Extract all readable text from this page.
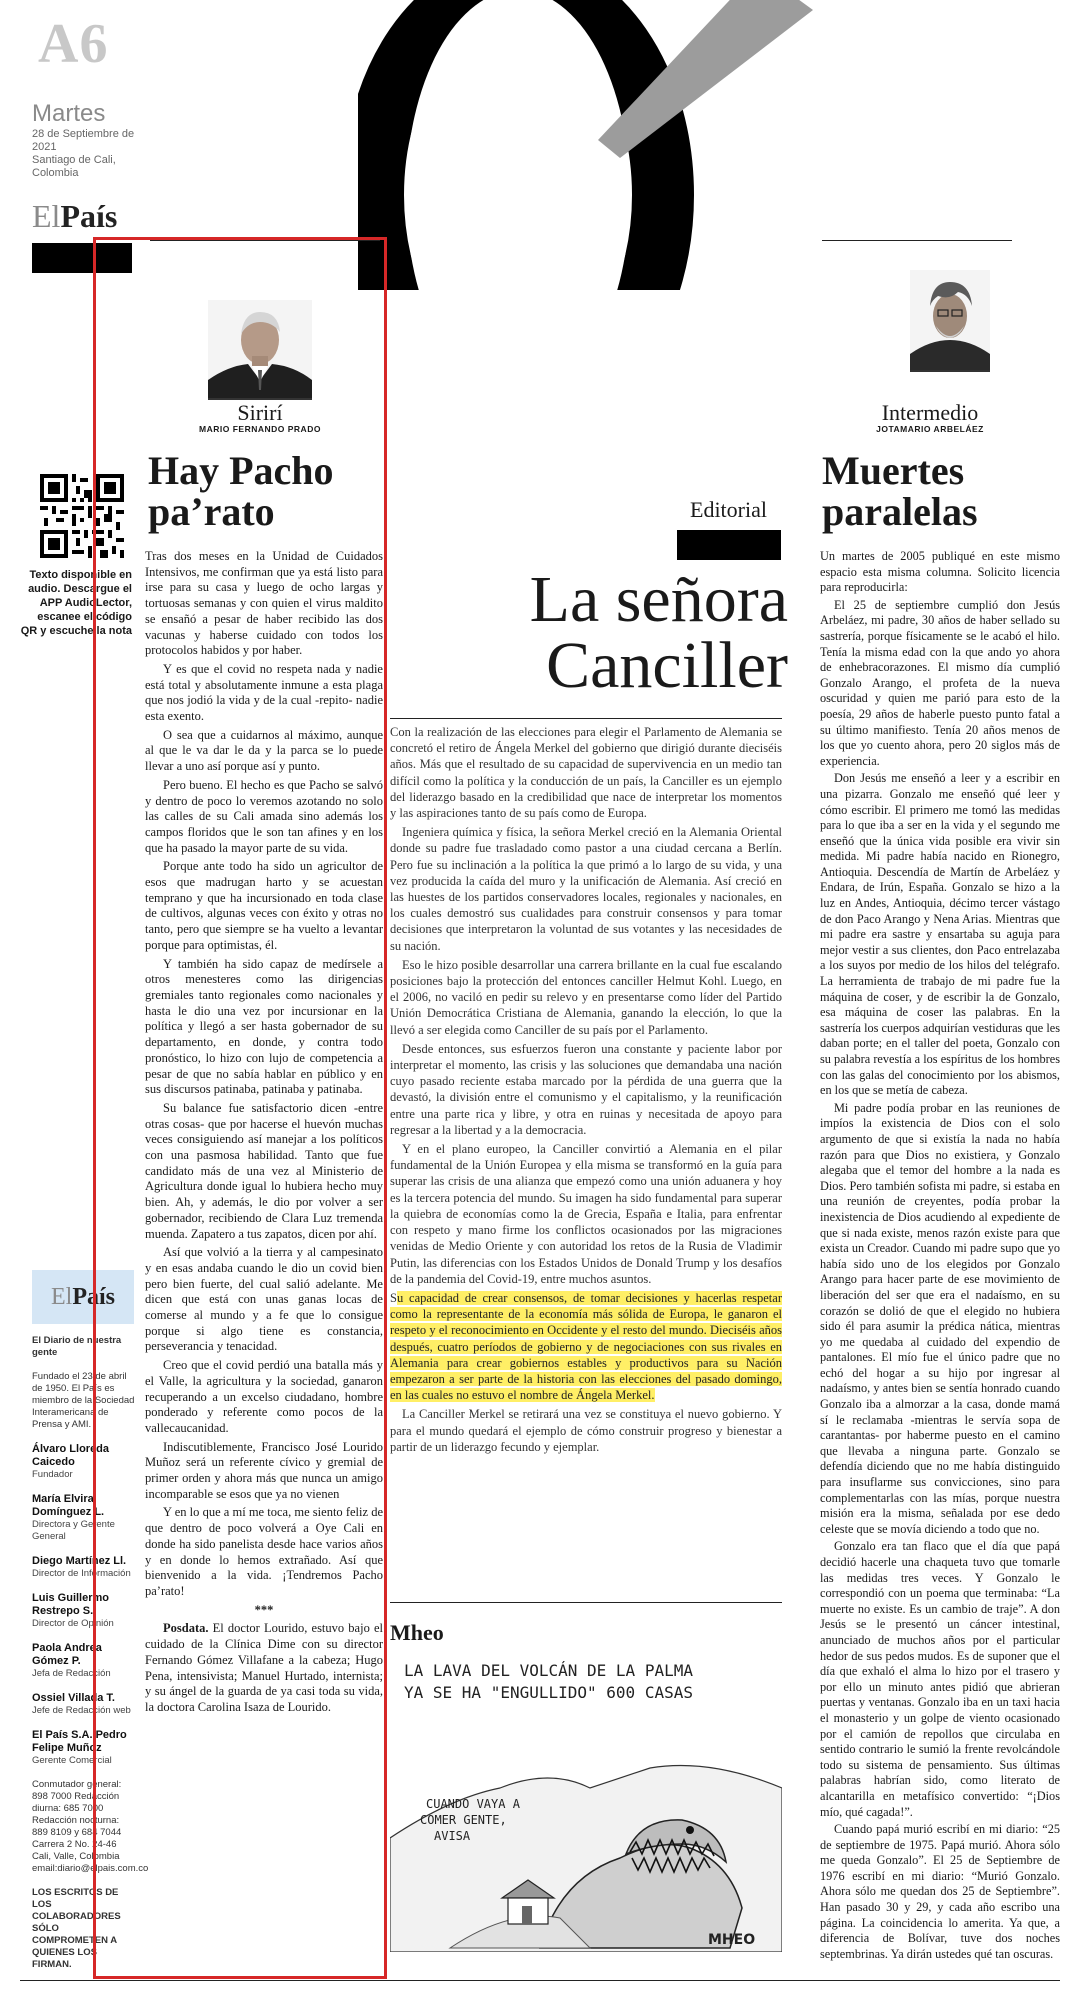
A6
Martes
28 de Septiembre de 2021
Santiago de Cali,
Colombia
ElPaís
Texto disponible en audio. Descargue el APP AudioLector, escanee el código QR y escuche la nota
El País
El Diario de nuestra gente
Fundado el 23 de abril de 1950. El País es miembro de la Sociedad Interamericana de Prensa y AMI.
Álvaro Lloreda Caicedo
Fundador
María Elvira Domínguez L.
Directora y Gerente General
Diego Martínez Ll.
Director de Información
Luis Guillermo Restrepo S.
Director de Opinión
Paola Andrea Gómez P.
Jefa de Redacción
Ossiel Villada T.
Jefe de Redacción web
El País S.A. Pedro Felipe Muñoz
Gerente Comercial
Conmutador general: 898 7000 Redacción diurna: 685 7000 Redacción nocturna: 889 8109 y 684 7044 Carrera 2 No. 24-46 Cali, Valle, Colombia email:diario@elpais.com.co
LOS ESCRITOS DE LOS COLABORADORES SÓLO COMPROMETEN A QUIENES LOS FIRMAN.
Sirirí
MARIO FERNANDO PRADO
Hay Pacho pa’rato

Tras dos meses en la Unidad de Cuidados Intensivos, me confirman que ya está listo para irse para su casa y luego de ocho largas y tortuosas semanas y con quien el virus maldito se ensañó a pesar de haber recibido las dos vacunas y haberse cuidado con todos los protocolos habidos y por haber.

Y es que el covid no respeta nada y nadie está total y absolutamente inmune a esta plaga que nos jodió la vida y de la cual -repito- nadie esta exento.

O sea que a cuidarnos al máximo, aunque al que le va dar le da y la parca se lo puede llevar a uno así porque así y punto.

Pero bueno. El hecho es que Pacho se salvó y dentro de poco lo veremos azotando no solo las calles de su Cali amada sino además los campos floridos que le son tan afines y en los que ha pasado la mayor parte de su vida.

Porque ante todo ha sido un agricultor de esos que madrugan harto y se acuestan temprano y que ha incursionado en toda clase de cultivos, algunas veces con éxito y otras no tanto, pero que siempre se ha vuelto a levantar porque para optimistas, él.

Y también ha sido capaz de medírsele a otros menesteres como las dirigencias gremiales tanto regionales como nacionales y hasta le dio una vez por incursionar en la política y llegó a ser hasta gobernador de su departamento, en donde, y contra todo pronóstico, lo hizo con lujo de competencia a pesar de que no sabía hablar en público y en sus discursos patinaba, patinaba y patinaba.

Su balance fue satisfactorio dicen -entre otras cosas- que por hacerse el huevón muchas veces consiguiendo así manejar a los políticos con una pasmosa habilidad. Tanto que fue candidato más de una vez al Ministerio de Agricultura donde igual lo hubiera hecho muy bien. Ah, y además, le dio por volver a ser gobernador, recibiendo de Clara Luz tremenda muenda. Zapatero a tus zapatos, dicen por ahí.

Así que volvió a la tierra y al campesinato y en esas andaba cuando le dio un covid bien pero bien fuerte, del cual salió adelante. Me dicen que está con unas ganas locas de comerse al mundo y a fe que lo consigue porque si algo tiene es constancia, perseverancia y tenacidad.

Creo que el covid perdió una batalla más y el Valle, la agricultura y la sociedad, ganaron recuperando a un excelso ciudadano, hombre ponderado y referente como pocos de la vallecaucanidad.

Indiscutiblemente, Francisco José Lourido Muñoz será un referente cívico y gremial de primer orden y ahora más que nunca un amigo incomparable se esos que ya no vienen

Y en lo que a mí me toca, me siento feliz de que dentro de poco volverá a Oye Cali en donde ha sido panelista desde hace varios años y en donde lo hemos extrañado. Así que bienvenido a la vida. ¡Tendremos Pacho pa’rato!

***

Posdata. El doctor Lourido, estuvo bajo el cuidado de la Clínica Dime con su director Fernando Gómez Villafane a la cabeza; Hugo Pena, intensivista; Manuel Hurtado, internista; y su ángel de la guarda de ya casi toda su vida, la doctora Carolina Isaza de Lourido.

Editorial
La señora Canciller

Con la realización de las elecciones para elegir el Parlamento de Alemania se concretó el retiro de Ángela Merkel del gobierno que dirigió durante dieciséis años. Más que el resultado de su capacidad de supervivencia en un medio tan difícil como la política y la conducción de un país, la Canciller es un ejemplo del liderazgo basado en la credibilidad que nace de interpretar los momentos y las aspiraciones tanto de su país como de Europa.

Ingeniera química y física, la señora Merkel creció en la Alemania Oriental donde su padre fue trasladado como pastor a una ciudad cercana a Berlín. Pero fue su inclinación a la política la que primó a lo largo de su vida, y una vez producida la caída del muro y la unificación de Alemania. Así creció en las huestes de los partidos conservadores locales, regionales y nacionales, en los cuales demostró sus cualidades para construir consensos y para tomar decisiones que interpretaron la voluntad de sus votantes y las necesidades de su nación.

Eso le hizo posible desarrollar una carrera brillante en la cual fue escalando posiciones bajo la protección del entonces canciller Helmut Kohl. Luego, en el 2006, no vaciló en pedir su relevo y en presentarse como líder del Partido Unión Democrática Cristiana de Alemania, ganando la elección, lo que la llevó a ser elegida como Canciller de su país por el Parlamento.

Desde entonces, sus esfuerzos fueron una constante y paciente labor por interpretar el momento, las crisis y las soluciones que demandaba una nación cuyo pasado reciente estaba marcado por la pérdida de una guerra que la devastó, la división entre el comunismo y el capitalismo, y la reunificación entre una parte rica y libre, y otra en ruinas y necesitada de apoyo para regresar a la libertad y a la democracia.

Y en el plano europeo, la Canciller convirtió a Alemania en el pilar fundamental de la Unión Europea y ella misma se transformó en la guía para superar las crisis de una alianza que empezó como una unión aduanera y hoy es la tercera potencia del mundo. Su imagen ha sido fundamental para superar la quiebra de economías como la de Grecia, España e Italia, para enfrentar con respeto y mano firme los conflictos ocasionados por las migraciones venidas de Medio Oriente y con autoridad los retos de la Rusia de Vladimir Putin, las diferencias con los Estados Unidos de Donald Trump y los desafíos de la pandemia del Covid-19, entre muchos asuntos.

Su capacidad de crear consensos, de tomar decisiones y hacerlas respetar como la representante de la economía más sólida de Europa, le ganaron el respeto y el reconocimiento en Occidente y el resto del mundo. Dieciséis años después, cuatro períodos de gobierno y de negociaciones con sus rivales en Alemania para crear gobiernos estables y productivos para su Nación empezaron a ser parte de la historia con las elecciones del pasado domingo, en las cuales no estuvo el nombre de Ángela Merkel.

La Canciller Merkel se retirará una vez se constituya el nuevo gobierno. Y para el mundo quedará el ejemplo de cómo construir progreso y bienestar a partir de un liderazgo fecundo y ejemplar.

Mheo
LA LAVA DEL VOLCÁN DE LA PALMA
YA SE HA "ENGULLIDO" 600 CASAS
CUANDO VAYA A
COMER GENTE,
AVISA
MHEO
Intermedio
JOTAMARIO ARBELÁEZ
Muertes paralelas

Un martes de 2005 publiqué en este mismo espacio esta misma columna. Solicito licencia para reproducirla:

El 25 de septiembre cumplió don Jesús Arbeláez, mi padre, 30 años de haber sellado su sastrería, porque físicamente se le acabó el hilo. Tenía la misma edad con la que ando yo ahora de enhebracorazones. El mismo día cumplió Gonzalo Arango, el profeta de la nueva oscuridad y quien me parió para esto de la poesía, 29 años de haberle puesto punto fatal a su último manifiesto. Tenía 20 años menos de los que yo cuento ahora, pero 20 siglos más de experiencia.

Don Jesús me enseñó a leer y a escribir en una pizarra. Gonzalo me enseñó qué leer y cómo escribir. El primero me tomó las medidas para lo que iba a ser en la vida y el segundo me enseñó que la única vida posible era vivir sin medida. Mi padre había nacido en Rionegro, Antioquia. Descendía de Martín de Arbeláez y Endara, de Irún, España. Gonzalo se hizo a la luz en Andes, Antioquia, décimo tercer vástago de don Paco Arango y Nena Arias. Mientras que mi padre era sastre y ensartaba su aguja para mejor vestir a sus clientes, don Paco entrelazaba a los suyos por medio de los hilos del telégrafo. La herramienta de trabajo de mi padre fue la máquina de coser, y de escribir la de Gonzalo, esa máquina de coser las palabras. En la sastrería los cuerpos adquirían vestiduras que les daban porte; en el taller del poeta, Gonzalo con su palabra revestía a los espíritus de los hombres con las galas del conocimiento por los abismos, en los que se metía de cabeza.

Mi padre podía probar en las reuniones de impíos la existencia de Dios con el solo argumento de que si existía la nada no había razón para que Dios no existiera, y Gonzalo alegaba que el temor del hombre a la nada es Dios. Pero también sofista mi padre, si estaba en una reunión de creyentes, podía probar la inexistencia de Dios acudiendo al expediente de que si nada existe, menos razón existe para que exista un Creador. Cuando mi padre supo que yo había sido uno de los elegidos por Gonzalo Arango para hacer parte de ese movimiento de liberación del ser que era el nadaísmo, en su corazón se dolió de que el elegido no hubiera sido él para asumir la prédica nática, mientras yo me quedaba al cuidado del expendio de pantalones. El mío fue el único padre que no echó del hogar a su hijo por ingresar al nadaísmo, y antes bien se sentía honrado cuando Gonzalo iba a almorzar a la casa, donde mamá sí le reclamaba -mientras le servía sopa de carantantas- por haberme puesto en el camino que llevaba a ninguna parte. Gonzalo se defendía diciendo que no me había distinguido para insuflarme sus convicciones, sino para complementarlas con las mías, porque nuestra misión era la misma, señalada por ese dedo celeste que se movía diciendo a todo que no.

Gonzalo era tan flaco que el día que papá decidió hacerle una chaqueta tuvo que tomarle las medidas tres veces. Y Gonzalo le correspondió con un poema que terminaba: “La muerte no existe. Es un cambio de traje”. A don Jesús se le presentó un cáncer intestinal, anunciado de muchos años por el particular hedor de sus pedos mudos. Es de suponer que el día que exhaló el alma lo hizo por el trasero y por ello un minuto antes pidió que abrieran puertas y ventanas. Gonzalo iba en un taxi hacia el monasterio y un golpe de viento ocasionado por el camión de repollos que circulaba en sentido contrario le sumió la frente revolcándole todo su sistema de pensamiento. Sus últimas palabras habrían sido, como literato de alcantarilla en metafísico convertido: “¡Dios mío, qué cagada!”.

Cuando papá murió escribí en mi diario: “25 de septiembre de 1975. Papá murió. Ahora sólo me queda Gonzalo”. El 25 de Septiembre de 1976 escribí en mi diario: “Murió Gonzalo. Ahora sólo me quedan dos 25 de Septiembre”. Han pasado 30 y 29, y cada año escribo una página. La coincidencia lo amerita. Ya que, a diferencia de Bolívar, tuve dos noches septembrinas. Ya dirán ustedes qué tan oscuras.
